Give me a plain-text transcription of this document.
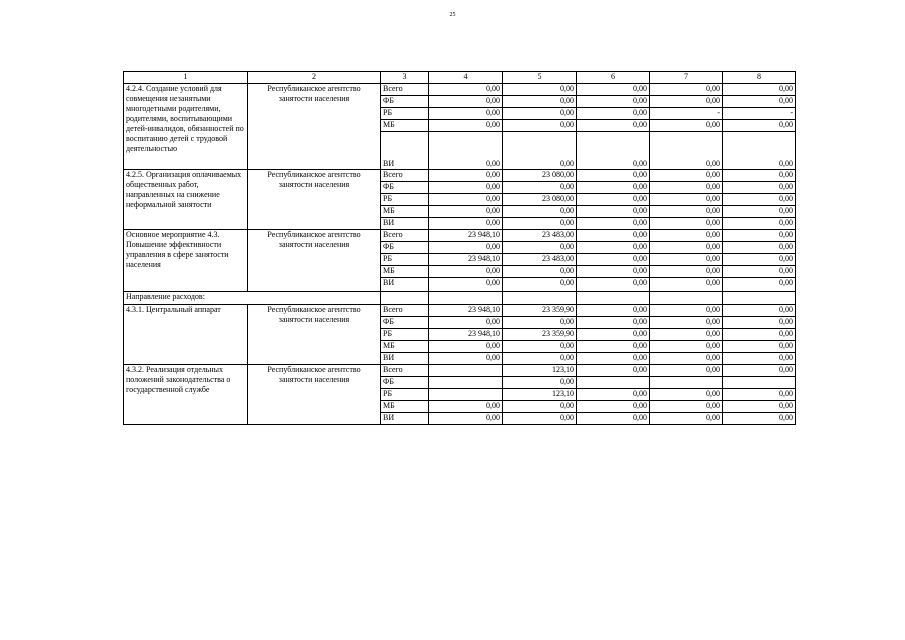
25
1	2	3	4	5	6	7	8
4.2.4. Создание условий для совмещения незанятыми многодетными родителями, родителями, воспитывающими детей-инвалидов, обязанностей по воспитанию детей с трудовой деятельностью	Республиканское агентство занятости населения	Всего	0,00	0,00	0,00	0,00	0,00
		ФБ	0,00	0,00	0,00	0,00	0,00
		РБ	0,00	0,00	0,00	-	-
		МБ	0,00	0,00	0,00	0,00	0,00
		ВИ	0,00	0,00	0,00	0,00	0,00
4.2.5. Организация оплачиваемых общественных работ, направленных на снижение неформальной занятости	Республиканское агентство занятости населения	Всего	0,00	23 080,00	0,00	0,00	0,00
		ФБ	0,00	0,00	0,00	0,00	0,00
		РБ	0,00	23 080,00	0,00	0,00	0,00
		МБ	0,00	0,00	0,00	0,00	0,00
		ВИ	0,00	0,00	0,00	0,00	0,00
Основное мероприятие 4.3. Повышение эффективности управления в сфере занятости населения	Республиканское агентство занятости населения	Всего	23 948,10	23 483,00	0,00	0,00	0,00
		ФБ	0,00	0,00	0,00	0,00	0,00
		РБ	23 948,10	23 483,00	0,00	0,00	0,00
		МБ	0,00	0,00	0,00	0,00	0,00
		ВИ	0,00	0,00	0,00	0,00	0,00
Направление расходов:							
4.3.1. Центральный аппарат	Республиканское агентство занятости населения	Всего	23 948,10	23 359,90	0,00	0,00	0,00
		ФБ	0,00	0,00	0,00	0,00	0,00
		РБ	23 948,10	23 359,90	0,00	0,00	0,00
		МБ	0,00	0,00	0,00	0,00	0,00
		ВИ	0,00	0,00	0,00	0,00	0,00
4.3.2. Реализация отдельных положений законодательства о государственной службе	Республиканское агентство занятости населения	Всего		123,10	0,00	0,00	0,00
		ФБ		0,00			
		РБ		123,10	0,00	0,00	0,00
		МБ	0,00	0,00	0,00	0,00	0,00
		ВИ	0,00	0,00	0,00	0,00	0,00
